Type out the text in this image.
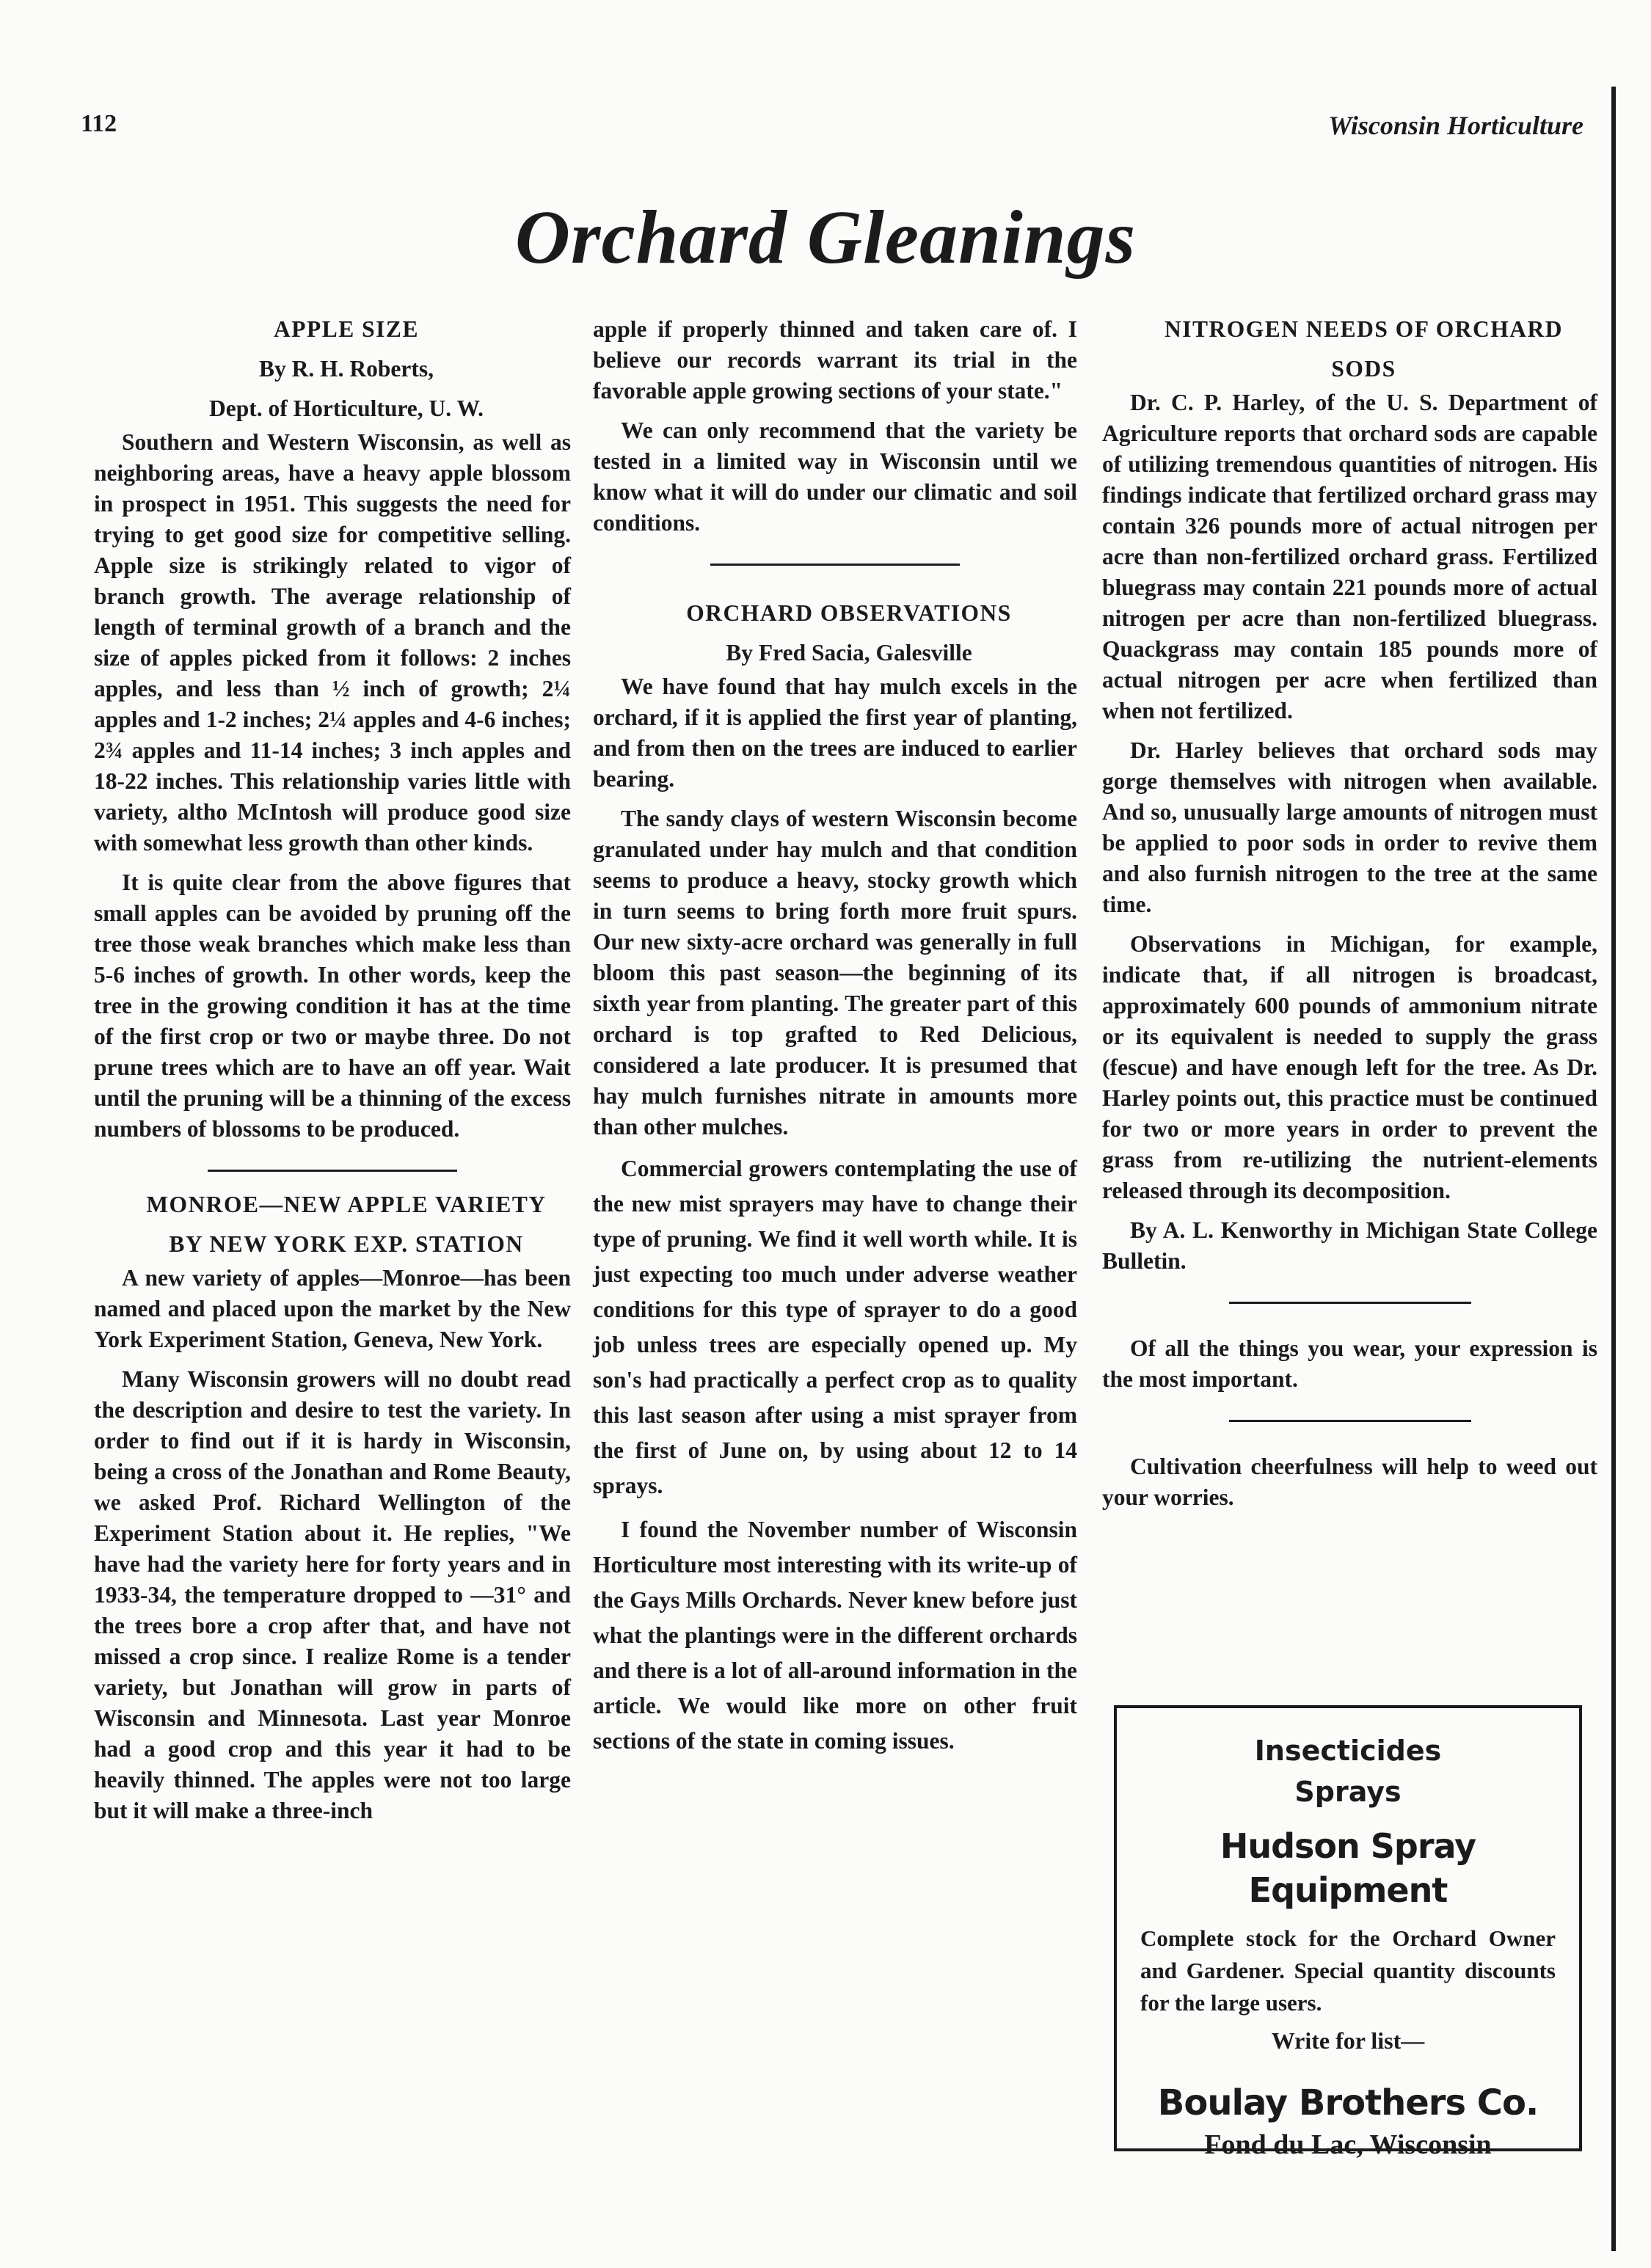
112	Wisconsin Horticulture
Orchard Gleanings

APPLE SIZE

By R. H. Roberts,

Dept. of Horticulture, U. W.

Southern and Western Wisconsin, as well as neighboring areas, have a heavy apple blossom in prospect in 1951. This suggests the need for trying to get good size for competitive selling. Apple size is strikingly related to vigor of branch growth. The average relationship of length of terminal growth of a branch and the size of apples picked from it follows: 2 inches apples, and less than ½ inch of growth; 2¼ apples and 1-2 inches; 2¼ apples and 4-6 inches; 2¾ apples and 11-14 inches; 3 inch apples and 18-22 inches. This relationship varies little with variety, altho McIntosh will produce good size with somewhat less growth than other kinds.

It is quite clear from the above figures that small apples can be avoided by pruning off the tree those weak branches which make less than 5-6 inches of growth. In other words, keep the tree in the growing condition it has at the time of the first crop or two or maybe three. Do not prune trees which are to have an off year. Wait until the pruning will be a thinning of the excess numbers of blossoms to be produced.

MONROE—NEW APPLE VARIETY

BY NEW YORK EXP. STATION

A new variety of apples—Monroe—has been named and placed upon the market by the New York Experiment Station, Geneva, New York.

Many Wisconsin growers will no doubt read the description and desire to test the variety. In order to find out if it is hardy in Wisconsin, being a cross of the Jonathan and Rome Beauty, we asked Prof. Richard Wellington of the Experiment Station about it. He replies, "We have had the variety here for forty years and in 1933-34, the temperature dropped to —31° and the trees bore a crop after that, and have not missed a crop since. I realize Rome is a tender variety, but Jonathan will grow in parts of Wisconsin and Minnesota. Last year Monroe had a good crop and this year it had to be heavily thinned. The apples were not too large but it will make a three-inch

apple if properly thinned and taken care of. I believe our records warrant its trial in the favorable apple growing sections of your state."

We can only recommend that the variety be tested in a limited way in Wisconsin until we know what it will do under our climatic and soil conditions.

ORCHARD OBSERVATIONS

By Fred Sacia, Galesville

We have found that hay mulch excels in the orchard, if it is applied the first year of planting, and from then on the trees are induced to earlier bearing.

The sandy clays of western Wisconsin become granulated under hay mulch and that condition seems to produce a heavy, stocky growth which in turn seems to bring forth more fruit spurs. Our new sixty-acre orchard was generally in full bloom this past season—the beginning of its sixth year from planting. The greater part of this orchard is top grafted to Red Delicious, considered a late producer. It is presumed that hay mulch furnishes nitrate in amounts more than other mulches.

Commercial growers contemplating the use of the new mist sprayers may have to change their type of pruning. We find it well worth while. It is just expecting too much under adverse weather conditions for this type of sprayer to do a good job unless trees are especially opened up. My son's had practically a perfect crop as to quality this last season after using a mist sprayer from the first of June on, by using about 12 to 14 sprays.

I found the November number of Wisconsin Horticulture most interesting with its write-up of the Gays Mills Orchards. Never knew before just what the plantings were in the different orchards and there is a lot of all-around information in the article. We would like more on other fruit sections of the state in coming issues.

NITROGEN NEEDS OF ORCHARD

SODS

Dr. C. P. Harley, of the U. S. Department of Agriculture reports that orchard sods are capable of utilizing tremendous quantities of nitrogen. His findings indicate that fertilized orchard grass may contain 326 pounds more of actual nitrogen per acre than non-fertilized orchard grass. Fertilized bluegrass may contain 221 pounds more of actual nitrogen per acre than non-fertilized bluegrass. Quackgrass may contain 185 pounds more of actual nitrogen per acre when fertilized than when not fertilized.

Dr. Harley believes that orchard sods may gorge themselves with nitrogen when available. And so, unusually large amounts of nitrogen must be applied to poor sods in order to revive them and also furnish nitrogen to the tree at the same time.

Observations in Michigan, for example, indicate that, if all nitrogen is broadcast, approximately 600 pounds of ammonium nitrate or its equivalent is needed to supply the grass (fescue) and have enough left for the tree. As Dr. Harley points out, this practice must be continued for two or more years in order to prevent the grass from re-utilizing the nutrient-elements released through its decomposition.

By A. L. Kenworthy in Michigan State College Bulletin.

Of all the things you wear, your expression is the most important.

Cultivation cheerfulness will help to weed out your worries.

Insecticides
Sprays
Hudson Spray Equipment
Complete stock for the Orchard Owner and Gardener. Special quantity discounts for the large users.
Write for list—
Boulay Brothers Co.
Fond du Lac, Wisconsin
